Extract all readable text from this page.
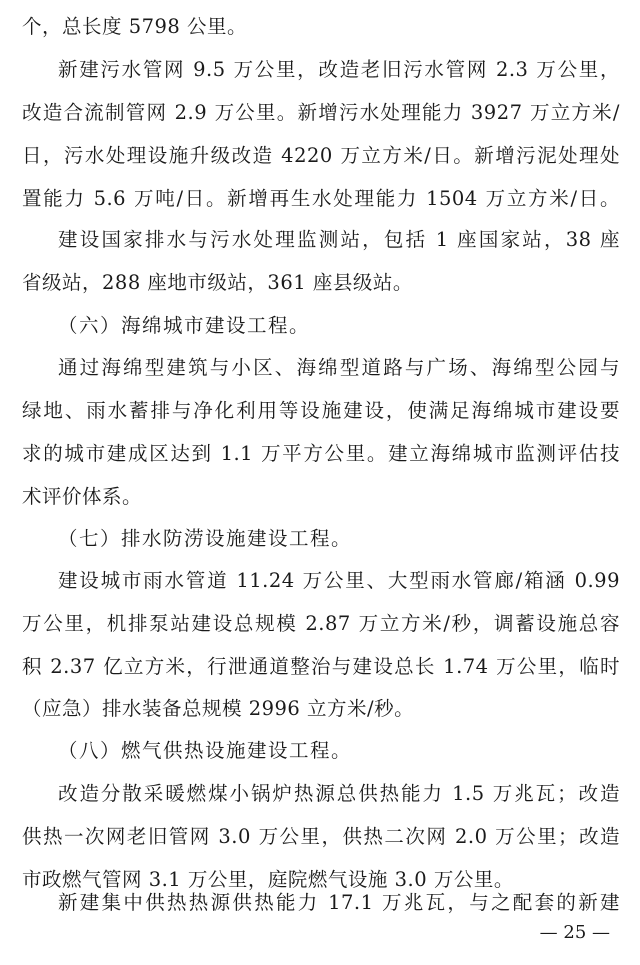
个，总长度 5798 公里。
新建污水管网 9.5 万公里，改造老旧污水管网 2.3 万公里，
改造合流制管网 2.9 万公里。新增污水处理能力 3927 万立方米/
日，污水处理设施升级改造 4220 万立方米/日。新增污泥处理处
置能力 5.6 万吨/日。新增再生水处理能力 1504 万立方米/日。
建设国家排水与污水处理监测站，包括 1 座国家站，38 座
省级站，288 座地市级站，361 座县级站。
（六）海绵城市建设工程。
通过海绵型建筑与小区、海绵型道路与广场、海绵型公园与
绿地、雨水蓄排与净化利用等设施建设，使满足海绵城市建设要
求的城市建成区达到 1.1 万平方公里。建立海绵城市监测评估技
术评价体系。
（七）排水防涝设施建设工程。
建设城市雨水管道 11.24 万公里、大型雨水管廊/箱涵 0.99
万公里，机排泵站建设总规模 2.87 万立方米/秒，调蓄设施总容
积 2.37 亿立方米，行泄通道整治与建设总长 1.74 万公里，临时
（应急）排水装备总规模 2996 立方米/秒。
（八）燃气供热设施建设工程。
改造分散采暖燃煤小锅炉热源总供热能力 1.5 万兆瓦；改造
供热一次网老旧管网 3.0 万公里，供热二次网 2.0 万公里；改造
市政燃气管网 3.1 万公里，庭院燃气设施 3.0 万公里。
新建集中供热热源供热能力 17.1 万兆瓦，与之配套的新建
— 25 —
